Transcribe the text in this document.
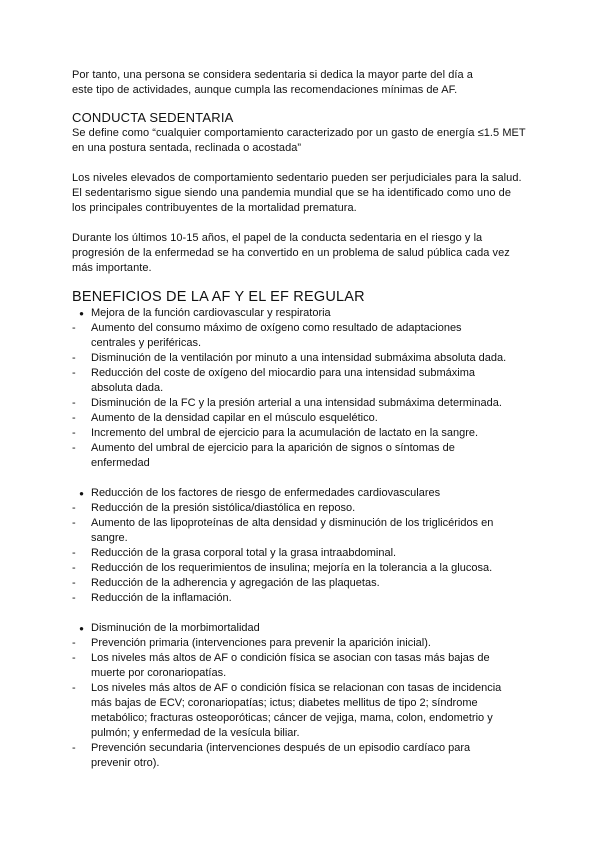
Por tanto, una persona se considera sedentaria si dedica la mayor parte del día a
este tipo de actividades, aunque cumpla las recomendaciones mínimas de AF.

CONDUCTA SEDENTARIA

Se define como “cualquier comportamiento caracterizado por un gasto de energía ≤1.5 MET
en una postura sentada, reclinada o acostada”

Los niveles elevados de comportamiento sedentario pueden ser perjudiciales para la salud.
El sedentarismo sigue siendo una pandemia mundial que se ha identificado como uno de
los principales contribuyentes de la mortalidad prematura.

Durante los últimos 10-15 años, el papel de la conducta sedentaria en el riesgo y la
progresión de la enfermedad se ha convertido en un problema de salud pública cada vez
más importante.

BENEFICIOS DE LA AF Y EL EF REGULAR
● Mejora de la función cardiovascular y respiratoria
-	Aumento del consumo máximo de oxígeno como resultado de adaptaciones
centrales y periféricas.
-	Disminución de la ventilación por minuto a una intensidad submáxima absoluta dada.
-	Reducción del coste de oxígeno del miocardio para una intensidad submáxima
absoluta dada.
-	Disminución de la FC y la presión arterial a una intensidad submáxima determinada.
-	Aumento de la densidad capilar en el músculo esquelético.
-	Incremento del umbral de ejercicio para la acumulación de lactato en la sangre.
-	Aumento del umbral de ejercicio para la aparición de signos o síntomas de
enfermedad
● Reducción de los factores de riesgo de enfermedades cardiovasculares
-	Reducción de la presión sistólica/diastólica en reposo.
-	Aumento de las lipoproteínas de alta densidad y disminución de los triglicéridos en
sangre.
-	Reducción de la grasa corporal total y la grasa intraabdominal.
-	Reducción de los requerimientos de insulina; mejoría en la tolerancia a la glucosa.
-	Reducción de la adherencia y agregación de las plaquetas.
-	Reducción de la inflamación.
● Disminución de la morbimortalidad
-	Prevención primaria (intervenciones para prevenir la aparición inicial).
-	Los niveles más altos de AF o condición física se asocian con tasas más bajas de
muerte por coronariopatías.
-	Los niveles más altos de AF o condición física se relacionan con tasas de incidencia
más bajas de ECV; coronariopatías; ictus; diabetes mellitus de tipo 2; síndrome
metabólico; fracturas osteoporóticas; cáncer de vejiga, mama, colon, endometrio y
pulmón; y enfermedad de la vesícula biliar.
-	Prevención secundaria (intervenciones después de un episodio cardíaco para
prevenir otro).
